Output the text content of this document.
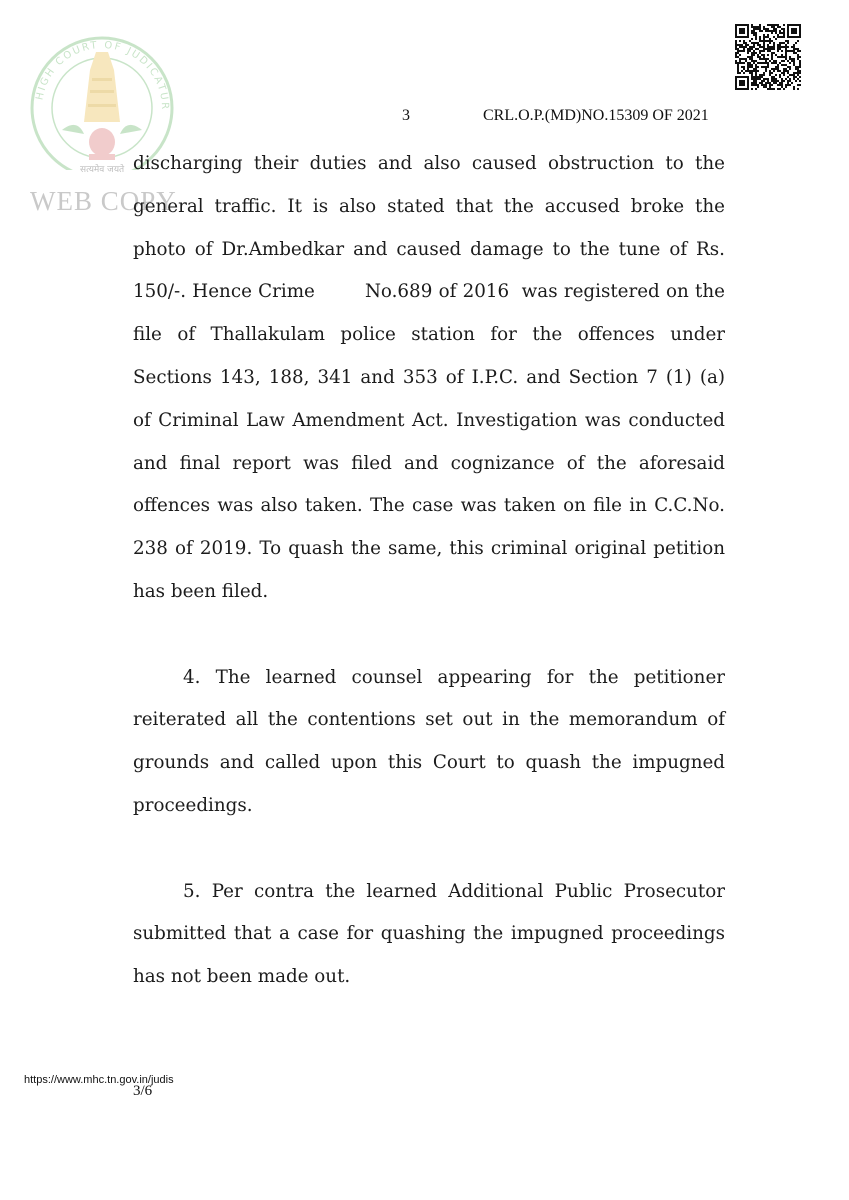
HIGH COURT OF JUDICATUR
सत्यमेव जयते
WEB COPY
3	CRL.O.P.(MD)NO.15309 OF 2021

discharging their duties and also caused obstruction to the
general traffic. It is also stated that the accused broke the
photo of Dr.Ambedkar and caused damage to the tune of Rs.
150/-. Hence Crime        No.689 of 2016  was registered on the
file of Thallakulam police station for the offences under
Sections 143, 188, 341 and 353 of I.P.C. and Section 7 (1) (a)
of Criminal Law Amendment Act. Investigation was conducted
and final report was filed and cognizance of the aforesaid
offences was also taken. The case was taken on file in C.C.No.
238 of 2019. To quash the same, this criminal original petition
has been filed.

4. The learned counsel appearing for the petitioner
reiterated all the contentions set out in the memorandum of
grounds and called upon this Court to quash the impugned
proceedings.

5. Per contra the learned Additional Public Prosecutor
submitted that a case for quashing the impugned proceedings
has not been made out.

https://www.mhc.tn.gov.in/judis
3/6
